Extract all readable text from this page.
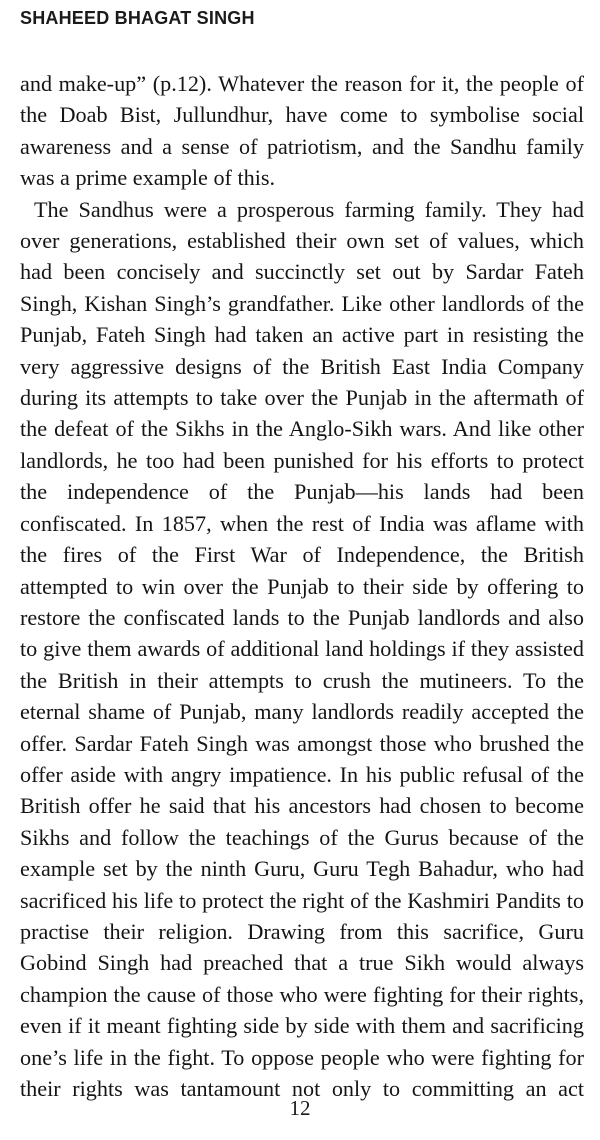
SHAHEED BHAGAT SINGH

and make-up” (p.12). Whatever the reason for it, the people of the Doab Bist, Jullundhur, have come to symbolise social awareness and a sense of patriotism, and the Sandhu family was a prime example of this.

The Sandhus were a prosperous farming family. They had over generations, established their own set of values, which had been concisely and succinctly set out by Sardar Fateh Singh, Kishan Singh’s grandfather. Like other landlords of the Punjab, Fateh Singh had taken an active part in resisting the very aggressive designs of the British East India Company during its attempts to take over the Punjab in the aftermath of the defeat of the Sikhs in the Anglo-Sikh wars. And like other landlords, he too had been punished for his efforts to protect the independence of the Punjab—his lands had been confiscated. In 1857, when the rest of India was aflame with the fires of the First War of Independence, the British attempted to win over the Punjab to their side by offering to restore the confiscated lands to the Punjab landlords and also to give them awards of additional land holdings if they assisted the British in their attempts to crush the mutineers. To the eternal shame of Punjab, many landlords readily accepted the offer. Sardar Fateh Singh was amongst those who brushed the offer aside with angry impatience. In his public refusal of the British offer he said that his ancestors had chosen to become Sikhs and follow the teachings of the Gurus because of the example set by the ninth Guru, Guru Tegh Bahadur, who had sacrificed his life to protect the right of the Kashmiri Pandits to practise their religion. Drawing from this sacrifice, Guru Gobind Singh had preached that a true Sikh would always champion the cause of those who were fighting for their rights, even if it meant fighting side by side with them and sacrificing one’s life in the fight. To oppose people who were fighting for their rights was tantamount not only to committing an act

12
